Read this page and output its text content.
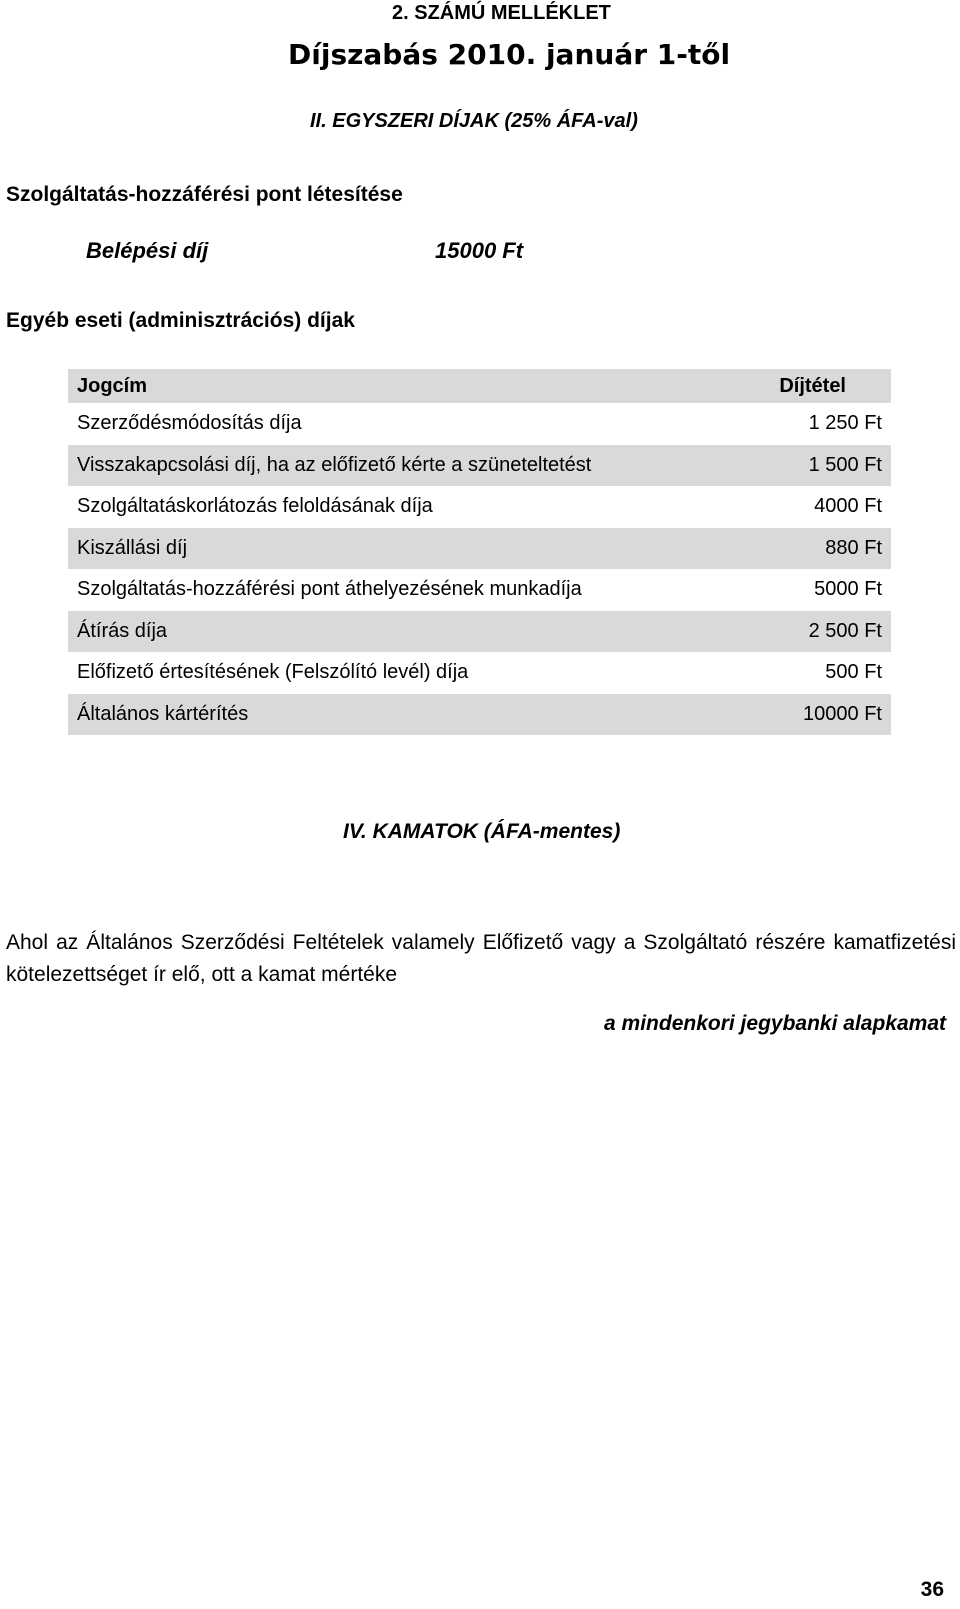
2. SZÁMÚ MELLÉKLET
Díjszabás 2010. január 1-től
II. EGYSZERI DÍJAK (25% ÁFA-val)
Szolgáltatás-hozzáférési pont létesítése
Belépési díj	15000 Ft
Egyéb eseti (adminisztrációs) díjak
Jogcím	Díjtétel
Szerződésmódosítás díja	1 250 Ft
Visszakapcsolási díj, ha az előfizető kérte a szüneteltetést	1 500 Ft
Szolgáltatáskorlátozás feloldásának díja	4000 Ft
Kiszállási díj	880 Ft
Szolgáltatás-hozzáférési pont áthelyezésének munkadíja	5000 Ft
Átírás díja	2 500 Ft
Előfizető értesítésének (Felszólító levél) díja	500 Ft
Általános kártérítés	10000 Ft
IV. KAMATOK (ÁFA-mentes)
Ahol az Általános Szerződési Feltételek valamely Előfizető vagy a Szolgáltató részére kamatfizetési kötelezettséget ír elő, ott a kamat mértéke
a mindenkori jegybanki alapkamat
36
